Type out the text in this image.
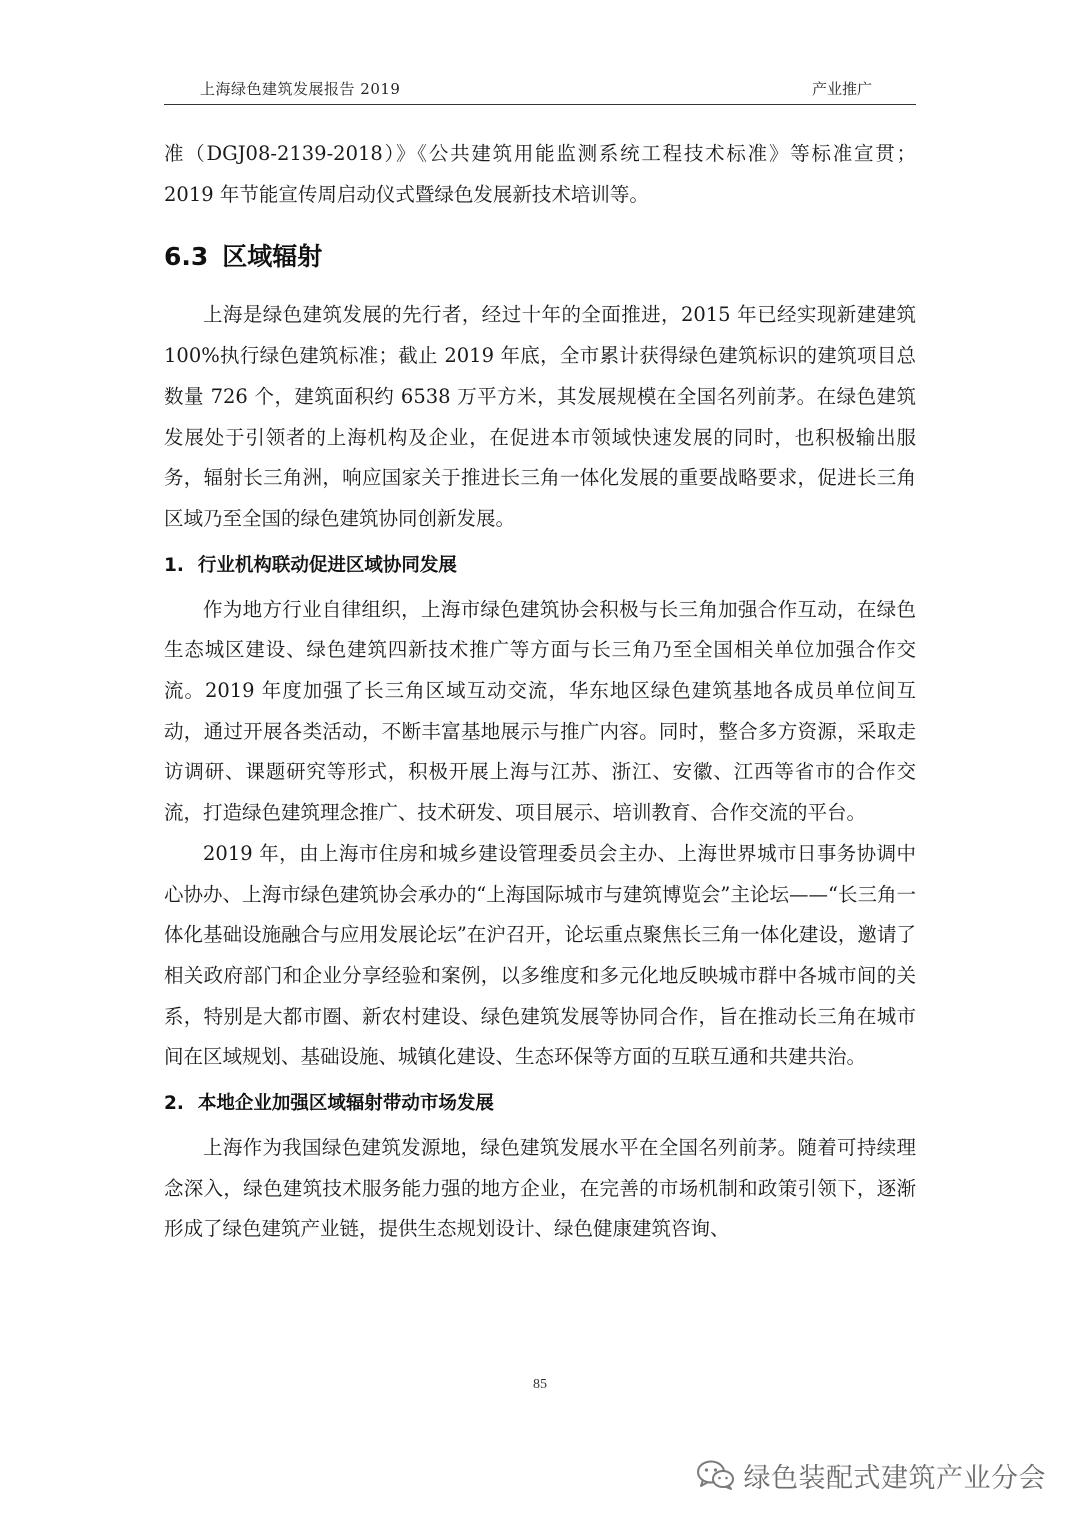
上海绿色建筑发展报告 2019	产业推广

准（DGJ08-2139-2018）》《公共建筑用能监测系统工程技术标准》等标准宣贯；2019 年节能宣传周启动仪式暨绿色发展新技术培训等。

6.3 区域辐射

上海是绿色建筑发展的先行者，经过十年的全面推进，2015 年已经实现新建建筑 100%执行绿色建筑标准；截止 2019 年底，全市累计获得绿色建筑标识的建筑项目总数量 726 个，建筑面积约 6538 万平方米，其发展规模在全国名列前茅。在绿色建筑发展处于引领者的上海机构及企业，在促进本市领域快速发展的同时，也积极输出服务，辐射长三角洲，响应国家关于推进长三角一体化发展的重要战略要求，促进长三角区域乃至全国的绿色建筑协同创新发展。

1. 行业机构联动促进区域协同发展

作为地方行业自律组织，上海市绿色建筑协会积极与长三角加强合作互动，在绿色生态城区建设、绿色建筑四新技术推广等方面与长三角乃至全国相关单位加强合作交流。2019 年度加强了长三角区域互动交流，华东地区绿色建筑基地各成员单位间互动，通过开展各类活动，不断丰富基地展示与推广内容。同时，整合多方资源，采取走访调研、课题研究等形式，积极开展上海与江苏、浙江、安徽、江西等省市的合作交流，打造绿色建筑理念推广、技术研发、项目展示、培训教育、合作交流的平台。

2019 年，由上海市住房和城乡建设管理委员会主办、上海世界城市日事务协调中心协办、上海市绿色建筑协会承办的“上海国际城市与建筑博览会”主论坛——“长三角一体化基础设施融合与应用发展论坛”在沪召开，论坛重点聚焦长三角一体化建设，邀请了相关政府部门和企业分享经验和案例，以多维度和多元化地反映城市群中各城市间的关系，特别是大都市圈、新农村建设、绿色建筑发展等协同合作，旨在推动长三角在城市间在区域规划、基础设施、城镇化建设、生态环保等方面的互联互通和共建共治。

2. 本地企业加强区域辐射带动市场发展

上海作为我国绿色建筑发源地，绿色建筑发展水平在全国名列前茅。随着可持续理念深入，绿色建筑技术服务能力强的地方企业，在完善的市场机制和政策引领下，逐渐形成了绿色建筑产业链，提供生态规划设计、绿色健康建筑咨询、

85
绿色装配式建筑产业分会
